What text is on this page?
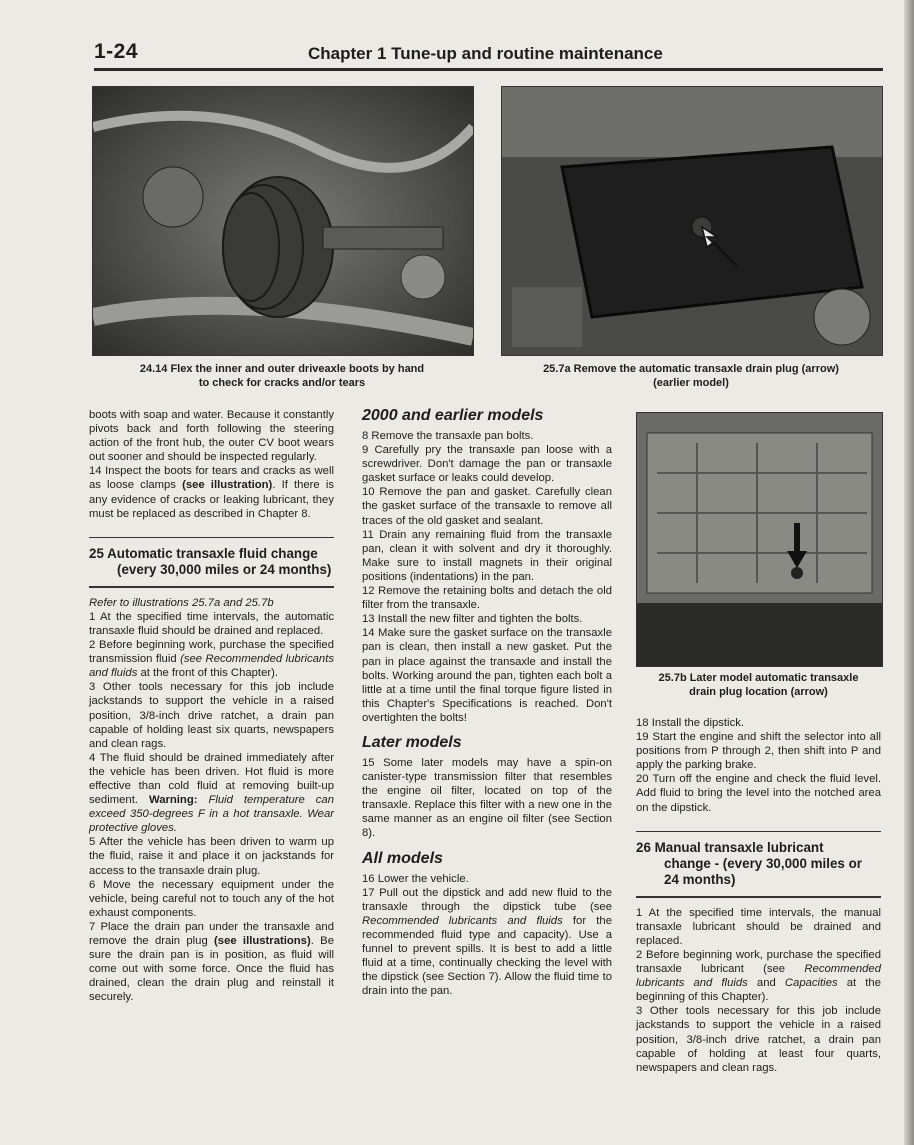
1-24	Chapter 1 Tune-up and routine maintenance
24.14 Flex the inner and outer driveaxle boots by hand
to check for cracks and/or tears
25.7a Remove the automatic transaxle drain plug (arrow)
(earlier model)
25.7b Later model automatic transaxle
drain plug location (arrow)

boots with soap and water. Because it constantly pivots back and forth following the steering action of the front hub, the outer CV boot wears out sooner and should be inspected regularly.

14 Inspect the boots for tears and cracks as well as loose clamps (see illustration). If there is any evidence of cracks or leaking lubricant, they must be replaced as described in Chapter 8.

25 Automatic transaxle fluid change
(every 30,000 miles or 24 months)

Refer to illustrations 25.7a and 25.7b

1 At the specified time intervals, the automatic transaxle fluid should be drained and replaced.

2 Before beginning work, purchase the specified transmission fluid (see Recommended lubricants and fluids at the front of this Chapter).

3 Other tools necessary for this job include jackstands to support the vehicle in a raised position, 3/8-inch drive ratchet, a drain pan capable of holding least six quarts, newspapers and clean rags.

4 The fluid should be drained immediately after the vehicle has been driven. Hot fluid is more effective than cold fluid at removing built-up sediment. Warning: Fluid temperature can exceed 350-degrees F in a hot transaxle. Wear protective gloves.

5 After the vehicle has been driven to warm up the fluid, raise it and place it on jackstands for access to the transaxle drain plug.

6 Move the necessary equipment under the vehicle, being careful not to touch any of the hot exhaust components.

7 Place the drain pan under the transaxle and remove the drain plug (see illustrations). Be sure the drain pan is in position, as fluid will come out with some force. Once the fluid has drained, clean the drain plug and reinstall it securely.

2000 and earlier models

8 Remove the transaxle pan bolts.

9 Carefully pry the transaxle pan loose with a screwdriver. Don't damage the pan or transaxle gasket surface or leaks could develop.

10 Remove the pan and gasket. Carefully clean the gasket surface of the transaxle to remove all traces of the old gasket and sealant.

11 Drain any remaining fluid from the transaxle pan, clean it with solvent and dry it thoroughly. Make sure to install magnets in their original positions (indentations) in the pan.

12 Remove the retaining bolts and detach the old filter from the transaxle.

13 Install the new filter and tighten the bolts.

14 Make sure the gasket surface on the transaxle pan is clean, then install a new gasket. Put the pan in place against the transaxle and install the bolts. Working around the pan, tighten each bolt a little at a time until the final torque figure listed in this Chapter's Specifications is reached. Don't overtighten the bolts!

Later models

15 Some later models may have a spin-on canister-type transmission filter that resembles the engine oil filter, located on top of the transaxle. Replace this filter with a new one in the same manner as an engine oil filter (see Section 8).

All models

16 Lower the vehicle.

17 Pull out the dipstick and add new fluid to the transaxle through the dipstick tube (see Recommended lubricants and fluids for the recommended fluid type and capacity). Use a funnel to prevent spills. It is best to add a little fluid at a time, continually checking the level with the dipstick (see Section 7). Allow the fluid time to drain into the pan.

18 Install the dipstick.

19 Start the engine and shift the selector into all positions from P through 2, then shift into P and apply the parking brake.

20 Turn off the engine and check the fluid level. Add fluid to bring the level into the notched area on the dipstick.

26 Manual transaxle lubricant
change - (every 30,000 miles or
24 months)

1 At the specified time intervals, the manual transaxle lubricant should be drained and replaced.

2 Before beginning work, purchase the specified transaxle lubricant (see Recommended lubricants and fluids and Capacities at the beginning of this Chapter).

3 Other tools necessary for this job include jackstands to support the vehicle in a raised position, 3/8-inch drive ratchet, a drain pan capable of holding at least four quarts, newspapers and clean rags.
